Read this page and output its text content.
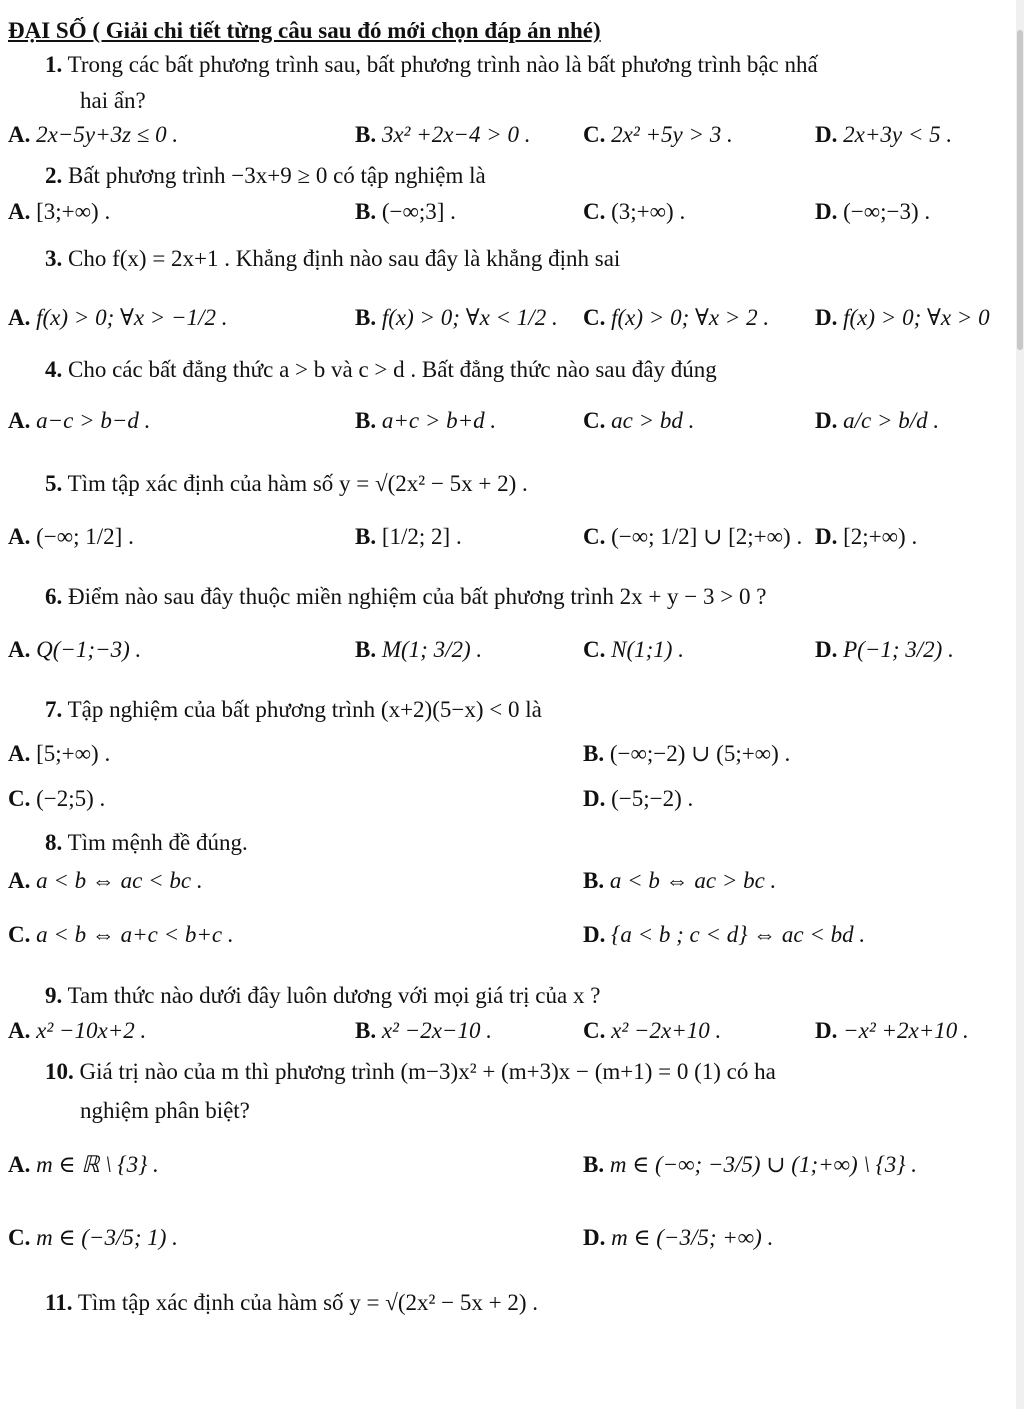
ĐẠI SỐ ( Giải chi tiết từng câu sau đó mới chọn đáp án nhé)
1. Trong các bất phương trình sau, bất phương trình nào là bất phương trình bậc nhấ
hai ẩn?
A. 2x−5y+3z ≤ 0 .	B. 3x² +2x−4 > 0 . C. 2x² +5y > 3 .	D. 2x+3y < 5 .
2. Bất phương trình −3x+9 ≥ 0 có tập nghiệm là
A. [3;+∞) .	B. (−∞;3] .	C. (3;+∞) .	D. (−∞;−3) .
3. Cho f(x) = 2x+1 . Khẳng định nào sau đây là khẳng định sai
A. f(x) > 0; ∀x > −1/2 .	B. f(x) > 0; ∀x < 1/2 . C. f(x) > 0; ∀x > 2 . D. f(x) > 0; ∀x > 0
4. Cho các bất đẳng thức a > b và c > d . Bất đẳng thức nào sau đây đúng
A. a−c > b−d .	B. a+c > b+d .	C. ac > bd .	D. a/c > b/d .
5. Tìm tập xác định của hàm số y = √(2x² − 5x + 2) .
A. (−∞; 1/2] .	B. [1/2; 2] .	C. (−∞; 1/2] ∪ [2;+∞) . D. [2;+∞) .
6. Điểm nào sau đây thuộc miền nghiệm của bất phương trình 2x + y − 3 > 0 ?
A. Q(−1;−3) .	B. M(1; 3/2) .	C. N(1;1) .	D. P(−1; 3/2) .
7. Tập nghiệm của bất phương trình (x+2)(5−x) < 0 là
A. [5;+∞) .	B. (−∞;−2) ∪ (5;+∞) .
C. (−2;5) .	D. (−5;−2) .
8. Tìm mệnh đề đúng.
A. a < b ⇔ ac < bc .	B. a < b ⇔ ac > bc .
C. a < b ⇔ a+c < b+c .	D. {a < b ; c < d} ⇔ ac < bd .
9. Tam thức nào dưới đây luôn dương với mọi giá trị của x ?
A. x² −10x+2 .	B. x² −2x−10 .	C. x² −2x+10 .	D. −x² +2x+10 .
10. Giá trị nào của m thì phương trình (m−3)x² + (m+3)x − (m+1) = 0 (1) có ha
nghiệm phân biệt?
A. m ∈ ℝ \ {3} .	B. m ∈ (−∞; −3/5) ∪ (1;+∞) \ {3} .
C. m ∈ (−3/5; 1) .	D. m ∈ (−3/5; +∞) .
11. Tìm tập xác định của hàm số y = √(2x² − 5x + 2) .
